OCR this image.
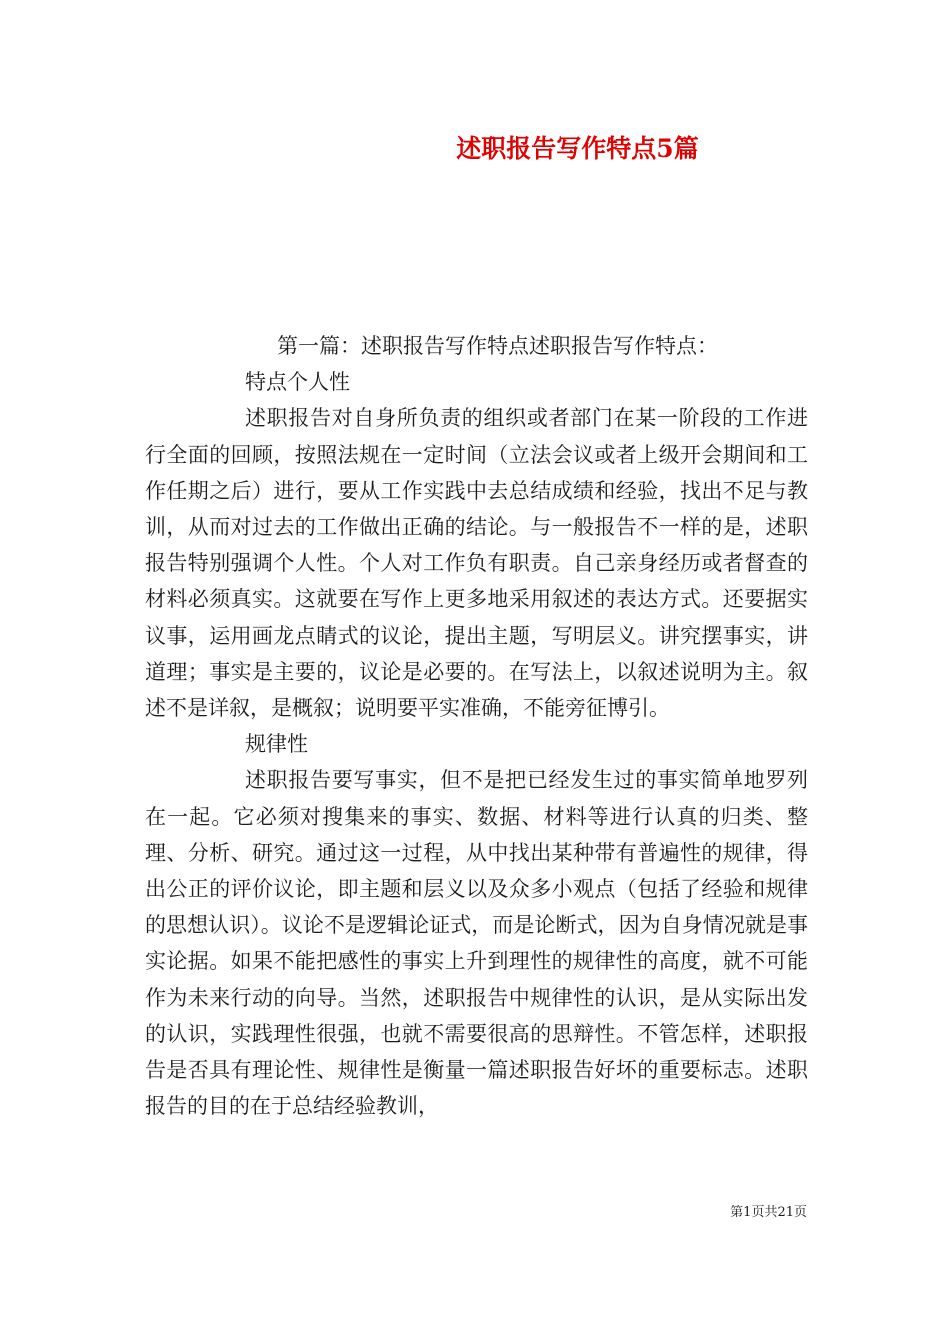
述职报告写作特点5篇

第一篇：述职报告写作特点述职报告写作特点：

特点个人性

述职报告对自身所负责的组织或者部门在某一阶段的工作进行全面的回顾，按照法规在一定时间（立法会议或者上级开会期间和工作任期之后）进行，要从工作实践中去总结成绩和经验，找出不足与教训，从而对过去的工作做出正确的结论。与一般报告不一样的是，述职报告特别强调个人性。个人对工作负有职责。自己亲身经历或者督查的材料必须真实。这就要在写作上更多地采用叙述的表达方式。还要据实议事，运用画龙点睛式的议论，提出主题，写明层义。讲究摆事实，讲道理；事实是主要的，议论是必要的。在写法上，以叙述说明为主。叙述不是详叙，是概叙；说明要平实准确，不能旁征博引。

规律性

述职报告要写事实，但不是把已经发生过的事实简单地罗列在一起。它必须对搜集来的事实、数据、材料等进行认真的归类、整理、分析、研究。通过这一过程，从中找出某种带有普遍性的规律，得出公正的评价议论，即主题和层义以及众多小观点（包括了经验和规律的思想认识）。议论不是逻辑论证式，而是论断式，因为自身情况就是事实论据。如果不能把感性的事实上升到理性的规律性的高度，就不可能作为未来行动的向导。当然，述职报告中规律性的认识，是从实际出发的认识，实践理性很强，也就不需要很高的思辩性。不管怎样，述职报告是否具有理论性、规律性是衡量一篇述职报告好坏的重要标志。述职报告的目的在于总结经验教训，

第1页共21页
